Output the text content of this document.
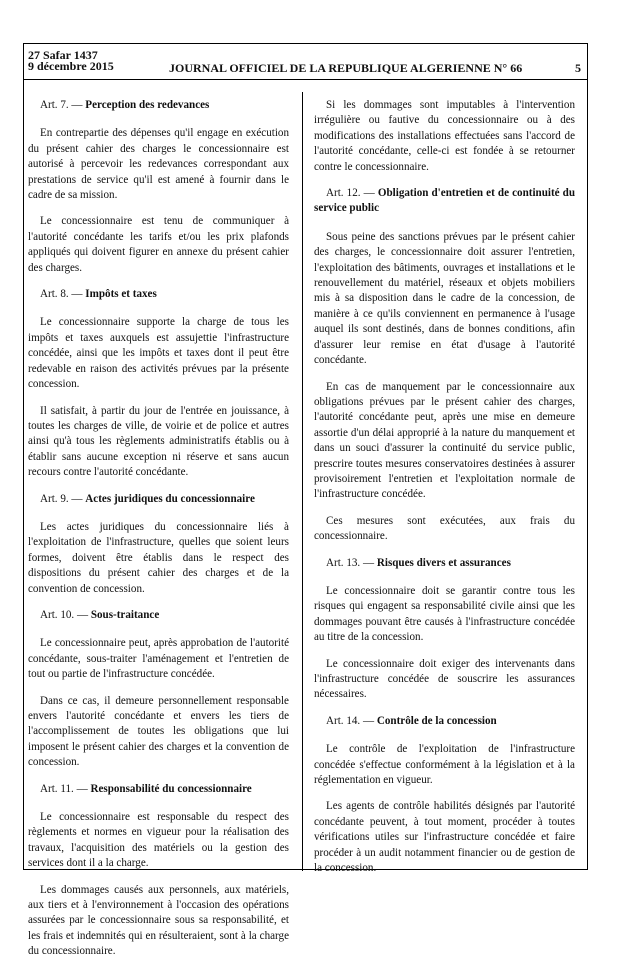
27 Safar 1437
9 décembre 2015	JOURNAL OFFICIEL DE LA REPUBLIQUE ALGERIENNE N° 66	5

Art. 7. — Perception des redevances

En contrepartie des dépenses qu'il engage en exécution du présent cahier des charges le concessionnaire est autorisé à percevoir les redevances correspondant aux prestations de service qu'il est amené à fournir dans le cadre de sa mission.

Le concessionnaire est tenu de communiquer à l'autorité concédante les tarifs et/ou les prix plafonds appliqués qui doivent figurer en annexe du présent cahier des charges.

Art. 8. — Impôts et taxes

Le concessionnaire supporte la charge de tous les impôts et taxes auxquels est assujettie l'infrastructure concédée, ainsi que les impôts et taxes dont il peut être redevable en raison des activités prévues par la présente concession.

Il satisfait, à partir du jour de l'entrée en jouissance, à toutes les charges de ville, de voirie et de police et autres ainsi qu'à tous les règlements administratifs établis ou à établir sans aucune exception ni réserve et sans aucun recours contre l'autorité concédante.

Art. 9. — Actes juridiques du concessionnaire

Les actes juridiques du concessionnaire liés à l'exploitation de l'infrastructure, quelles que soient leurs formes, doivent être établis dans le respect des dispositions du présent cahier des charges et de la convention de concession.

Art. 10. — Sous-traitance

Le concessionnaire peut, après approbation de l'autorité concédante, sous-traiter l'aménagement et l'entretien de tout ou partie de l'infrastructure concédée.

Dans ce cas, il demeure personnellement responsable envers l'autorité concédante et envers les tiers de l'accomplissement de toutes les obligations que lui imposent le présent cahier des charges et la convention de concession.

Art. 11. — Responsabilité du concessionnaire

Le concessionnaire est responsable du respect des règlements et normes en vigueur pour la réalisation des travaux, l'acquisition des matériels ou la gestion des services dont il a la charge.

Les dommages causés aux personnels, aux matériels, aux tiers et à l'environnement à l'occasion des opérations assurées par le concessionnaire sous sa responsabilité, et les frais et indemnités qui en résulteraient, sont à la charge du concessionnaire.

Si les dommages sont imputables à l'intervention irrégulière ou fautive du concessionnaire ou à des modifications des installations effectuées sans l'accord de l'autorité concédante, celle-ci est fondée à se retourner contre le concessionnaire.

Art. 12. — Obligation d'entretien et de continuité du service public

Sous peine des sanctions prévues par le présent cahier des charges, le concessionnaire doit assurer l'entretien, l'exploitation des bâtiments, ouvrages et installations et le renouvellement du matériel, réseaux et objets mobiliers mis à sa disposition dans le cadre de la concession, de manière à ce qu'ils conviennent en permanence à l'usage auquel ils sont destinés, dans de bonnes conditions, afin d'assurer leur remise en état d'usage à l'autorité concédante.

En cas de manquement par le concessionnaire aux obligations prévues par le présent cahier des charges, l'autorité concédante peut, après une mise en demeure assortie d'un délai approprié à la nature du manquement et dans un souci d'assurer la continuité du service public, prescrire toutes mesures conservatoires destinées à assurer provisoirement l'entretien et l'exploitation normale de l'infrastructure concédée.

Ces mesures sont exécutées, aux frais du concessionnaire.

Art. 13. — Risques divers et assurances

Le concessionnaire doit se garantir contre tous les risques qui engagent sa responsabilité civile ainsi que les dommages pouvant être causés à l'infrastructure concédée au titre de la concession.

Le concessionnaire doit exiger des intervenants dans l'infrastructure concédée de souscrire les assurances nécessaires.

Art. 14. — Contrôle de la concession

Le contrôle de l'exploitation de l'infrastructure concédée s'effectue conformément à la législation et à la réglementation en vigueur.

Les agents de contrôle habilités désignés par l'autorité concédante peuvent, à tout moment, procéder à toutes vérifications utiles sur l'infrastructure concédée et faire procéder à un audit notamment financier ou de gestion de la concession.
